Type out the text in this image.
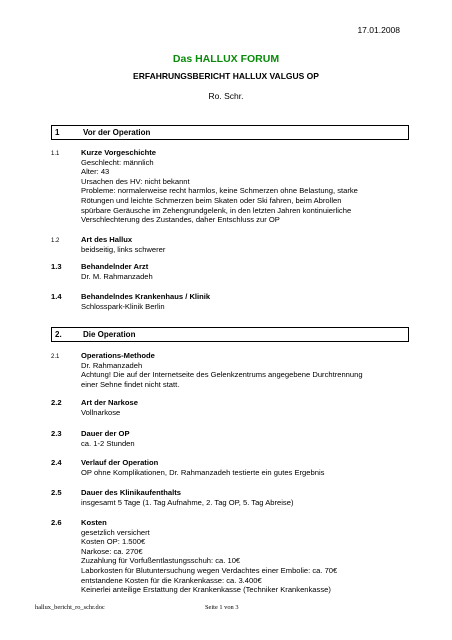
17.01.2008
Das HALLUX FORUM
ERFAHRUNGSBERICHT HALLUX VALGUS OP
Ro. Schr.
1	Vor der Operation
1.1	Kurze Vorgeschichte
Geschlecht: männlich
Alter: 43
Ursachen des HV: nicht bekannt
Probleme: normalerweise recht harmlos, keine Schmerzen ohne Belastung, starke
Rötungen und leichte Schmerzen beim Skaten oder Ski fahren, beim Abrollen
spürbare Geräusche im Zehengrundgelenk, in den letzten Jahren kontinuierliche
Verschlechterung des Zustandes, daher Entschluss zur OP
1.2	Art des Hallux
beidseitig, links schwerer
1.3	Behandelnder Arzt
Dr. M. Rahmanzadeh
1.4	Behandelndes Krankenhaus / Klinik
Schlosspark-Klinik Berlin
2.	Die Operation
2.1	Operations-Methode
Dr. Rahmanzadeh
Achtung! Die auf der Internetseite des Gelenkzentrums angegebene Durchtrennung
einer Sehne findet nicht statt.
2.2	Art der Narkose
Vollnarkose
2.3	Dauer der OP
ca. 1-2 Stunden
2.4	Verlauf der Operation
OP ohne Komplikationen, Dr. Rahmanzadeh testierte ein gutes Ergebnis
2.5	Dauer des Klinikaufenthalts
insgesamt 5 Tage (1. Tag Aufnahme, 2. Tag OP, 5. Tag Abreise)
2.6	Kosten
gesetzlich versichert
Kosten OP: 1.500€
Narkose: ca. 270€
Zuzahlung für Vorfußentlastungsschuh: ca. 10€
Laborkosten für Blutuntersuchung wegen Verdachtes einer Embolie: ca. 70€
entstandene Kosten für die Krankenkasse: ca. 3.400€
Keinerlei anteilige Erstattung der Krankenkasse (Techniker Krankenkasse)
hallux_bericht_ro_schr.doc	Seite 1 von 3
